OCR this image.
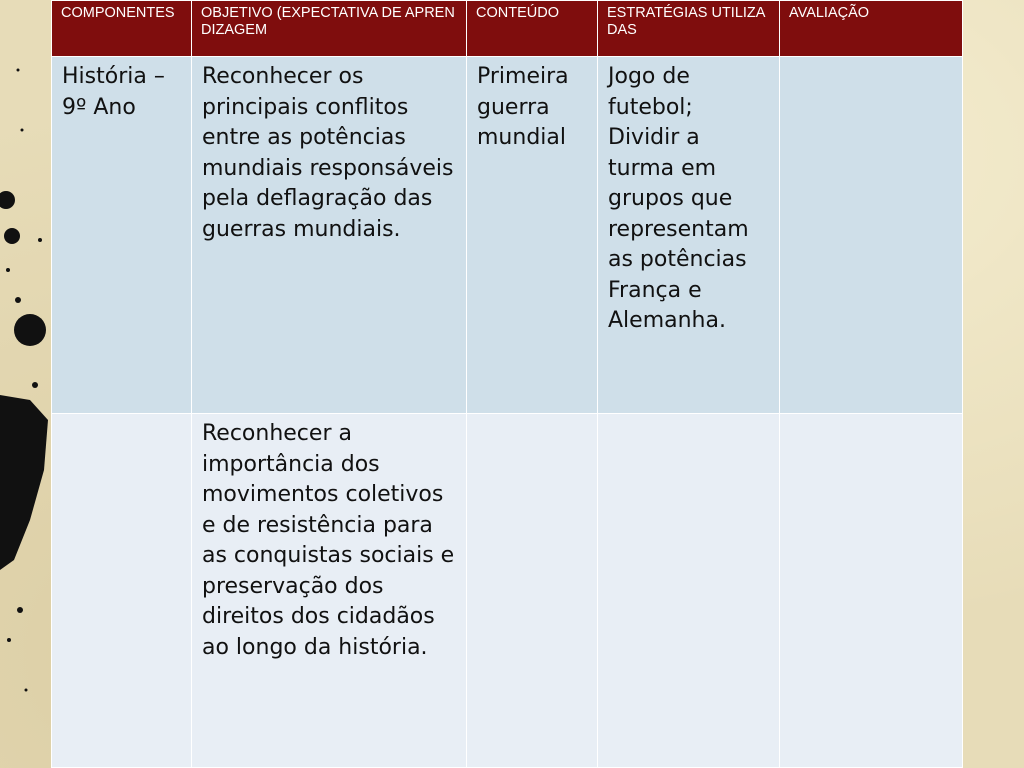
COMPONENTES	OBJETIVO (EXPECTATIVA DE APRENDIZAGEM	CONTEÚDO	ESTRATÉGIAS UTILIZADAS	AVALIAÇÃO
História – 9º Ano	Reconhecer os principais conflitos entre as potências mundiais responsáveis pela deflagração das guerras mundiais.	Primeira guerra mundial	Jogo de futebol; Dividir a turma em grupos que representam as potências França e Alemanha.	
	Reconhecer a importância dos movimentos coletivos e de resistência para as conquistas sociais e preservação dos direitos dos cidadãos ao longo da história.			
